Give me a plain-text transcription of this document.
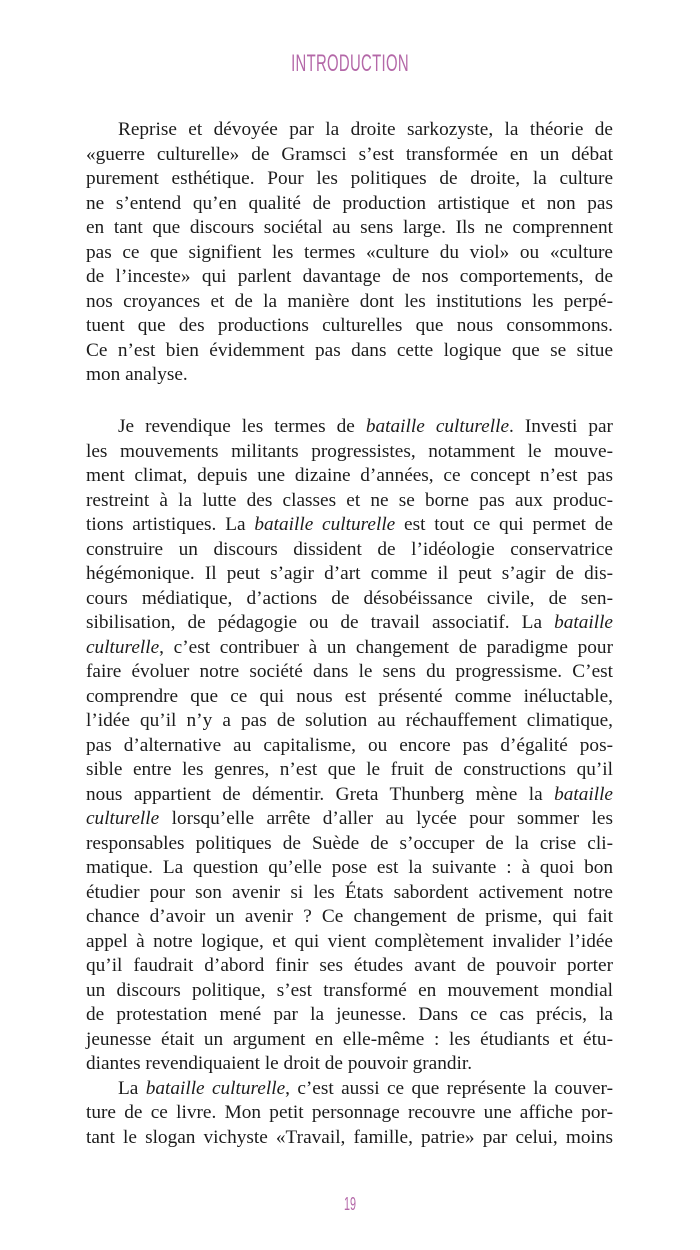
INTRODUCTION
Reprise et dévoyée par la droite sarkozyste, la théorie de
«guerre culturelle» de Gramsci s’est transformée en un débat
purement esthétique. Pour les politiques de droite, la culture
ne s’entend qu’en qualité de production artistique et non pas
en tant que discours sociétal au sens large. Ils ne comprennent
pas ce que signifient les termes «culture du viol» ou «culture
de l’inceste» qui parlent davantage de nos comportements, de
nos croyances et de la manière dont les institutions les perpé-
tuent que des productions culturelles que nous consommons.
Ce n’est bien évidemment pas dans cette logique que se situe
mon analyse.
Je revendique les termes de bataille culturelle. Investi par
les mouvements militants progressistes, notamment le mouve-
ment climat, depuis une dizaine d’années, ce concept n’est pas
restreint à la lutte des classes et ne se borne pas aux produc-
tions artistiques. La bataille culturelle est tout ce qui permet de
construire un discours dissident de l’idéologie conservatrice
hégémonique. Il peut s’agir d’art comme il peut s’agir de dis-
cours médiatique, d’actions de désobéissance civile, de sen-
sibilisation, de pédagogie ou de travail associatif. La bataille
culturelle, c’est contribuer à un changement de paradigme pour
faire évoluer notre société dans le sens du progressisme. C’est
comprendre que ce qui nous est présenté comme inéluctable,
l’idée qu’il n’y a pas de solution au réchauffement climatique,
pas d’alternative au capitalisme, ou encore pas d’égalité pos-
sible entre les genres, n’est que le fruit de constructions qu’il
nous appartient de démentir. Greta Thunberg mène la bataille
culturelle lorsqu’elle arrête d’aller au lycée pour sommer les
responsables politiques de Suède de s’occuper de la crise cli-
matique. La question qu’elle pose est la suivante : à quoi bon
étudier pour son avenir si les États sabordent activement notre
chance d’avoir un avenir ? Ce changement de prisme, qui fait
appel à notre logique, et qui vient complètement invalider l’idée
qu’il faudrait d’abord finir ses études avant de pouvoir porter
un discours politique, s’est transformé en mouvement mondial
de protestation mené par la jeunesse. Dans ce cas précis, la
jeunesse était un argument en elle-même : les étudiants et étu-
diantes revendiquaient le droit de pouvoir grandir.
La bataille culturelle, c’est aussi ce que représente la couver-
ture de ce livre. Mon petit personnage recouvre une affiche por-
tant le slogan vichyste «Travail, famille, patrie» par celui, moins
19
